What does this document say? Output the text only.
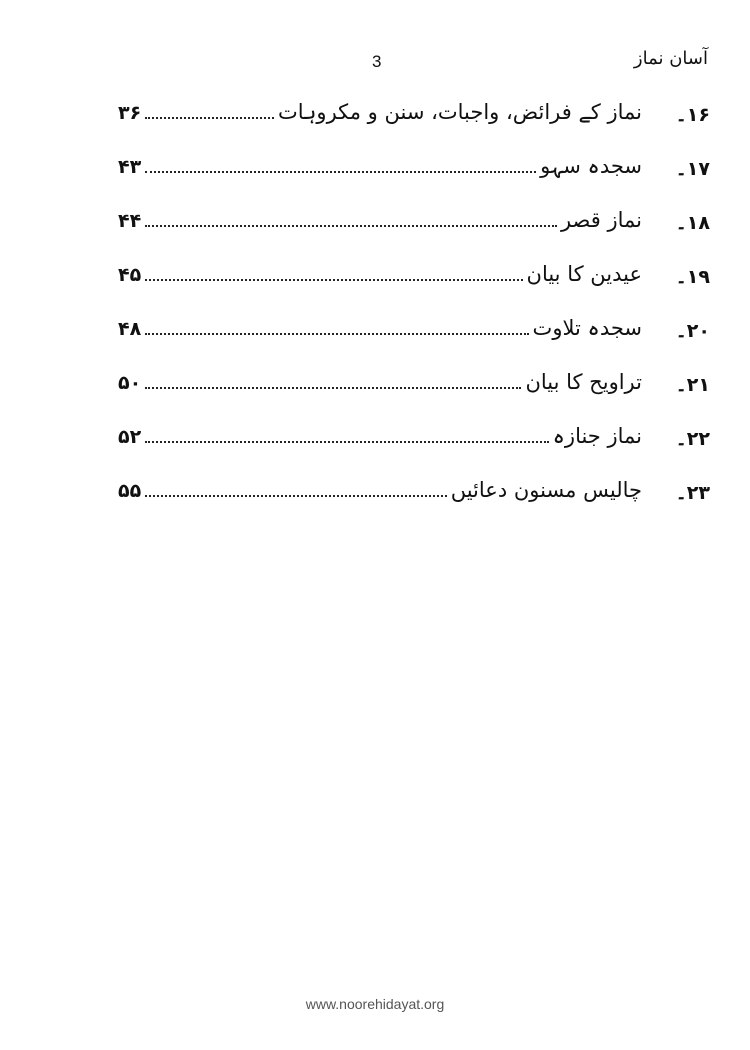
آسان نماز
3
۱۶۔
نماز کے فرائض، واجبات، سنن و مکروہات
۳۶
۱۷۔
سجدہ سہو
۴۳
۱۸۔
نماز قصر
۴۴
۱۹۔
عیدین کا بیان
۴۵
۲۰۔
سجدہ تلاوت
۴۸
۲۱۔
تراویح کا بیان
۵۰
۲۲۔
نماز جنازہ
۵۲
۲۳۔
چالیس مسنون دعائیں
۵۵
www.noorehidayat.org
